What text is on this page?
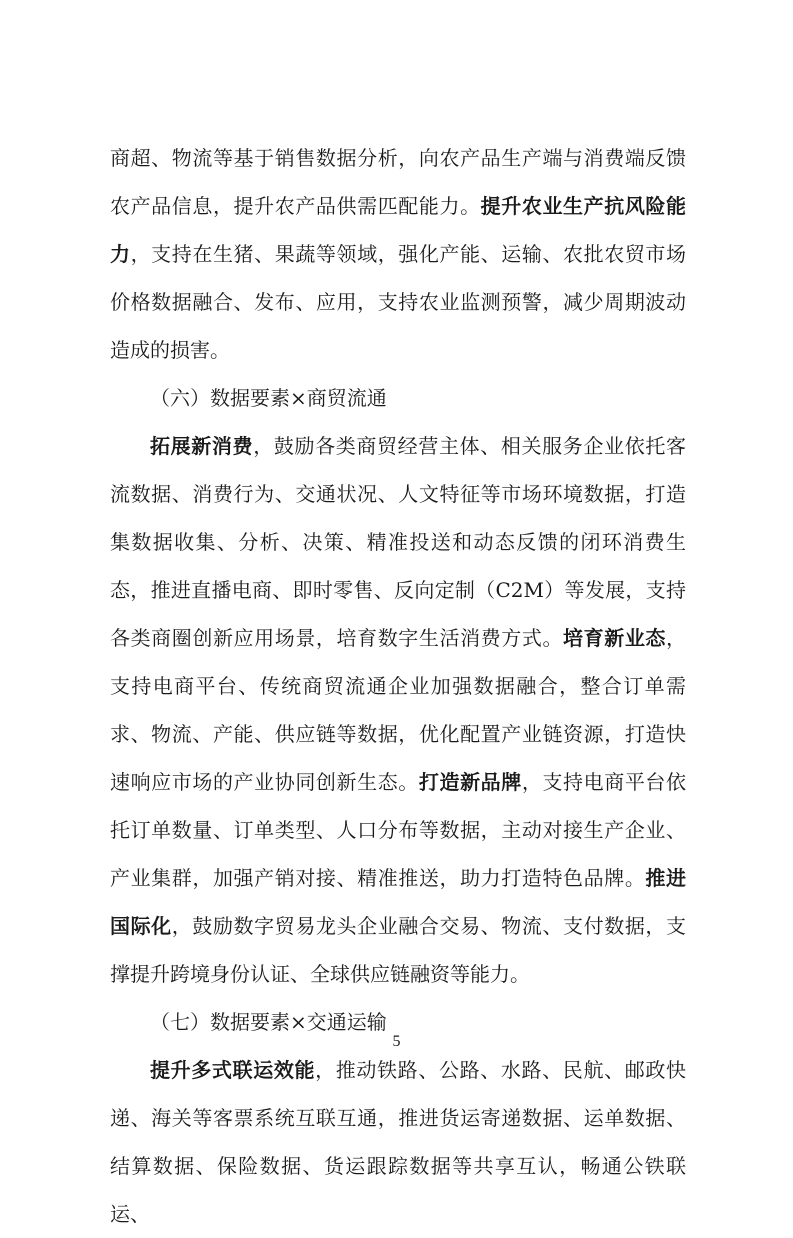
商超、物流等基于销售数据分析，向农产品生产端与消费端反馈农产品信息，提升农产品供需匹配能力。提升农业生产抗风险能力，支持在生猪、果蔬等领域，强化产能、运输、农批农贸市场价格数据融合、发布、应用，支持农业监测预警，减少周期波动造成的损害。

（六）数据要素×商贸流通

拓展新消费，鼓励各类商贸经营主体、相关服务企业依托客流数据、消费行为、交通状况、人文特征等市场环境数据，打造集数据收集、分析、决策、精准投送和动态反馈的闭环消费生态，推进直播电商、即时零售、反向定制（C2M）等发展，支持各类商圈创新应用场景，培育数字生活消费方式。培育新业态，支持电商平台、传统商贸流通企业加强数据融合，整合订单需求、物流、产能、供应链等数据，优化配置产业链资源，打造快速响应市场的产业协同创新生态。打造新品牌，支持电商平台依托订单数量、订单类型、人口分布等数据，主动对接生产企业、产业集群，加强产销对接、精准推送，助力打造特色品牌。推进国际化，鼓励数字贸易龙头企业融合交易、物流、支付数据，支撑提升跨境身份认证、全球供应链融资等能力。

（七）数据要素×交通运输

提升多式联运效能，推动铁路、公路、水路、民航、邮政快递、海关等客票系统互联互通，推进货运寄递数据、运单数据、结算数据、保险数据、货运跟踪数据等共享互认，畅通公铁联运、

5
